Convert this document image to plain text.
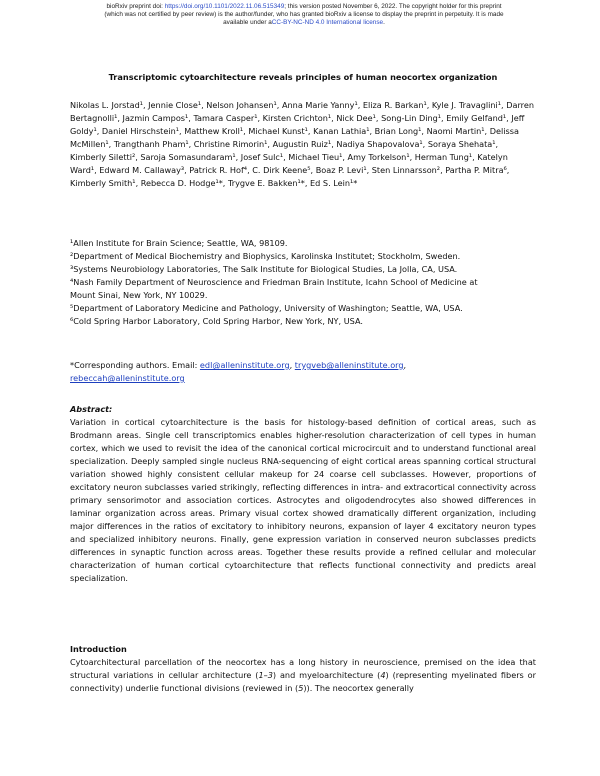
bioRxiv preprint doi: https://doi.org/10.1101/2022.11.06.515349; this version posted November 6, 2022. The copyright holder for this preprint
(which was not certified by peer review) is the author/funder, who has granted bioRxiv a license to display the preprint in perpetuity. It is made
available under aCC-BY-NC-ND 4.0 International license.
Transcriptomic cytoarchitecture reveals principles of human neocortex organization
Nikolas L. Jorstad¹, Jennie Close¹, Nelson Johansen¹, Anna Marie Yanny¹, Eliza R. Barkan¹, Kyle J. Travaglini¹, Darren Bertagnolli¹, Jazmin Campos¹, Tamara Casper¹, Kirsten Crichton¹, Nick Dee¹, Song-Lin Ding¹, Emily Gelfand¹, Jeff Goldy¹, Daniel Hirschstein¹, Matthew Kroll¹, Michael Kunst¹, Kanan Lathia¹, Brian Long¹, Naomi Martin¹, Delissa McMillen¹, Trangthanh Pham¹, Christine Rimorin¹, Augustin Ruiz¹, Nadiya Shapovalova¹, Soraya Shehata¹, Kimberly Siletti², Saroja Somasundaram¹, Josef Sulc¹, Michael Tieu¹, Amy Torkelson¹, Herman Tung¹, Katelyn Ward¹, Edward M. Callaway³, Patrick R. Hof⁴, C. Dirk Keene⁵, Boaz P. Levi¹, Sten Linnarsson², Partha P. Mitra⁶, Kimberly Smith¹, Rebecca D. Hodge¹*, Trygve E. Bakken¹*, Ed S. Lein¹*
¹Allen Institute for Brain Science; Seattle, WA, 98109.
²Department of Medical Biochemistry and Biophysics, Karolinska Institutet; Stockholm, Sweden.
³Systems Neurobiology Laboratories, The Salk Institute for Biological Studies, La Jolla, CA, USA.
⁴Nash Family Department of Neuroscience and Friedman Brain Institute, Icahn School of Medicine at
Mount Sinai, New York, NY 10029.
⁵Department of Laboratory Medicine and Pathology, University of Washington; Seattle, WA, USA.
⁶Cold Spring Harbor Laboratory, Cold Spring Harbor, New York, NY, USA.
*Corresponding authors. Email: edl@alleninstitute.org, trygveb@alleninstitute.org,
rebeccah@alleninstitute.org
Abstract:
Variation in cortical cytoarchitecture is the basis for histology-based definition of cortical areas, such as Brodmann areas. Single cell transcriptomics enables higher-resolution characterization of cell types in human cortex, which we used to revisit the idea of the canonical cortical microcircuit and to understand functional areal specialization. Deeply sampled single nucleus RNA-sequencing of eight cortical areas spanning cortical structural variation showed highly consistent cellular makeup for 24 coarse cell subclasses. However, proportions of excitatory neuron subclasses varied strikingly, reflecting differences in intra- and extracortical connectivity across primary sensorimotor and association cortices. Astrocytes and oligodendrocytes also showed differences in laminar organization across areas. Primary visual cortex showed dramatically different organization, including major differences in the ratios of excitatory to inhibitory neurons, expansion of layer 4 excitatory neuron types and specialized inhibitory neurons. Finally, gene expression variation in conserved neuron subclasses predicts differences in synaptic function across areas. Together these results provide a refined cellular and molecular characterization of human cortical cytoarchitecture that reflects functional connectivity and predicts areal specialization.
Introduction
Cytoarchitectural parcellation of the neocortex has a long history in neuroscience, premised on the idea that structural variations in cellular architecture (1–3) and myeloarchitecture (4) (representing myelinated fibers or connectivity) underlie functional divisions (reviewed in (5)). The neocortex generally
